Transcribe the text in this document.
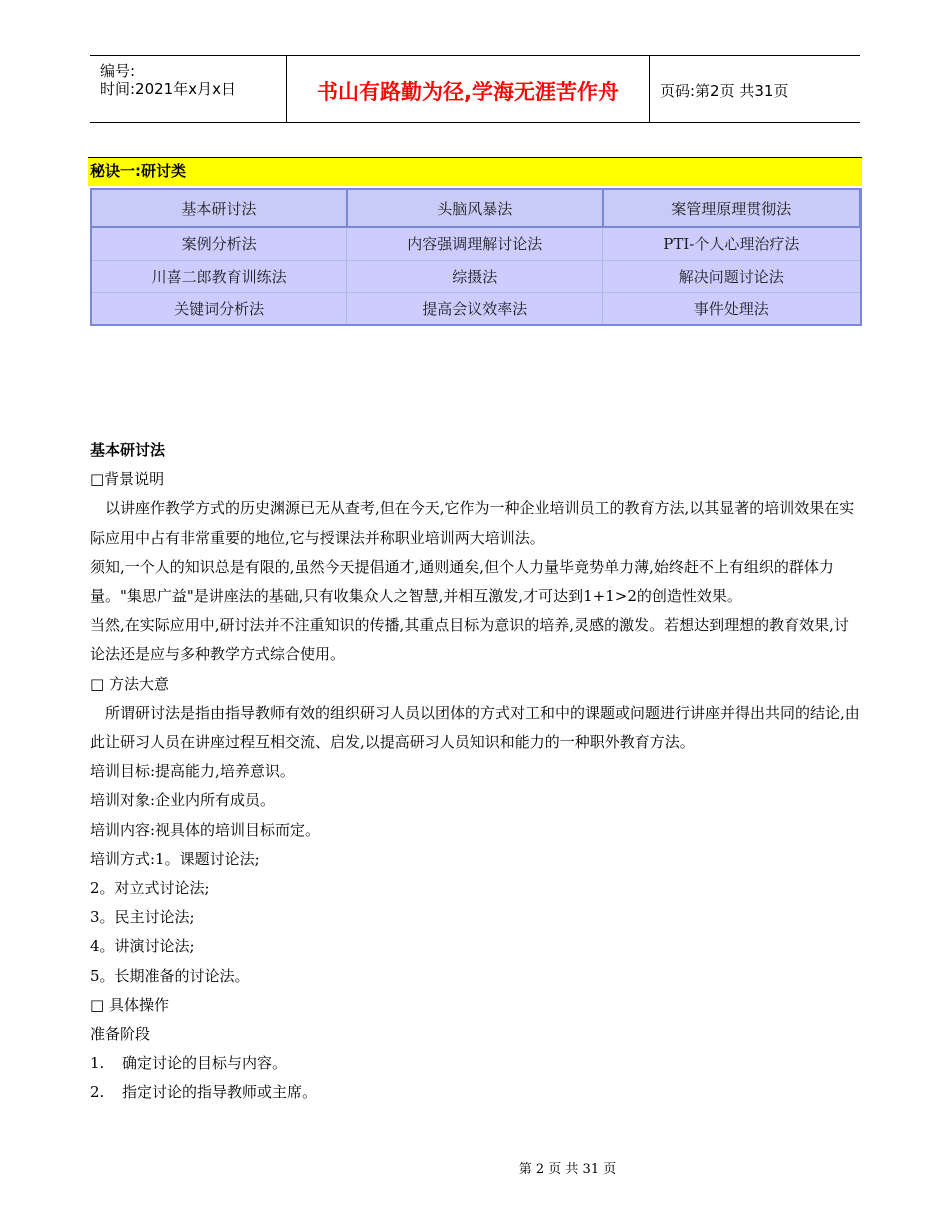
编号:
时间:2021年x月x日	书山有路勤为径,学海无涯苦作舟	页码:第2页 共31页
秘诀一:研讨类
基本研讨法	头脑风暴法	案管理原理贯彻法
案例分析法	内容强调理解讨论法	PTI-个人心理治疗法
川喜二郎教育训练法	综摄法	解决问题讨论法
关键词分析法	提高会议效率法	事件处理法

基本研讨法

□背景说明

以讲座作教学方式的历史渊源已无从查考,但在今天,它作为一种企业培训员工的教育方法,以其显著的培训效果在实际应用中占有非常重要的地位,它与授课法并称职业培训两大培训法。

须知,一个人的知识总是有限的,虽然今天提倡通才,通则通矣,但个人力量毕竟势单力薄,始终赶不上有组织的群体力量。"集思广益"是讲座法的基础,只有收集众人之智慧,并相互激发,才可达到1+1>2的创造性效果。

当然,在实际应用中,研讨法并不注重知识的传播,其重点目标为意识的培养,灵感的激发。若想达到理想的教育效果,讨论法还是应与多种教学方式综合使用。

□ 方法大意

所谓研讨法是指由指导教师有效的组织研习人员以团体的方式对工和中的课题或问题进行讲座并得出共同的结论,由此让研习人员在讲座过程互相交流、启发,以提高研习人员知识和能力的一种职外教育方法。

培训目标:提高能力,培养意识。

培训对象:企业内所有成员。

培训内容:视具体的培训目标而定。

培训方式:1。课题讨论法;

2。对立式讨论法;

3。民主讨论法;

4。讲演讨论法;

5。长期准备的讨论法。

□ 具体操作

准备阶段

1. 确定讨论的目标与内容。

2. 指定讨论的指导教师或主席。

第 2 页 共 31 页
